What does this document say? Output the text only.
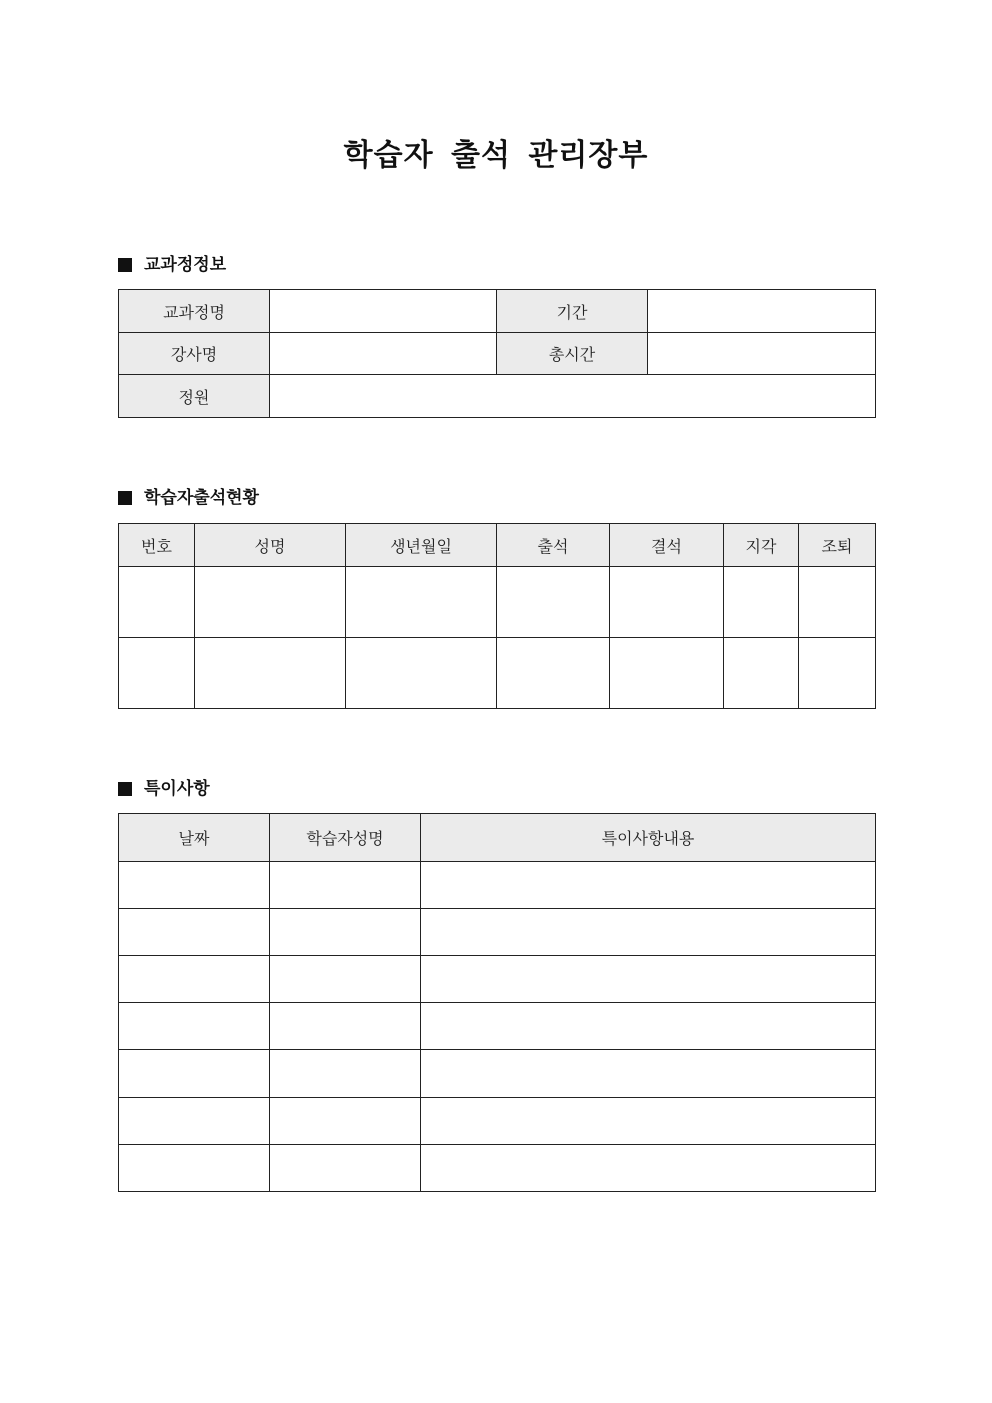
학습자 출석 관리장부
교과정정보
교과정명		기간	
강사명		총시간	
정원			
학습자출석현황
번호	성명	생년월일	출석	결석	지각	조퇴

특이사항
날짜	학습자성명	특이사항내용
